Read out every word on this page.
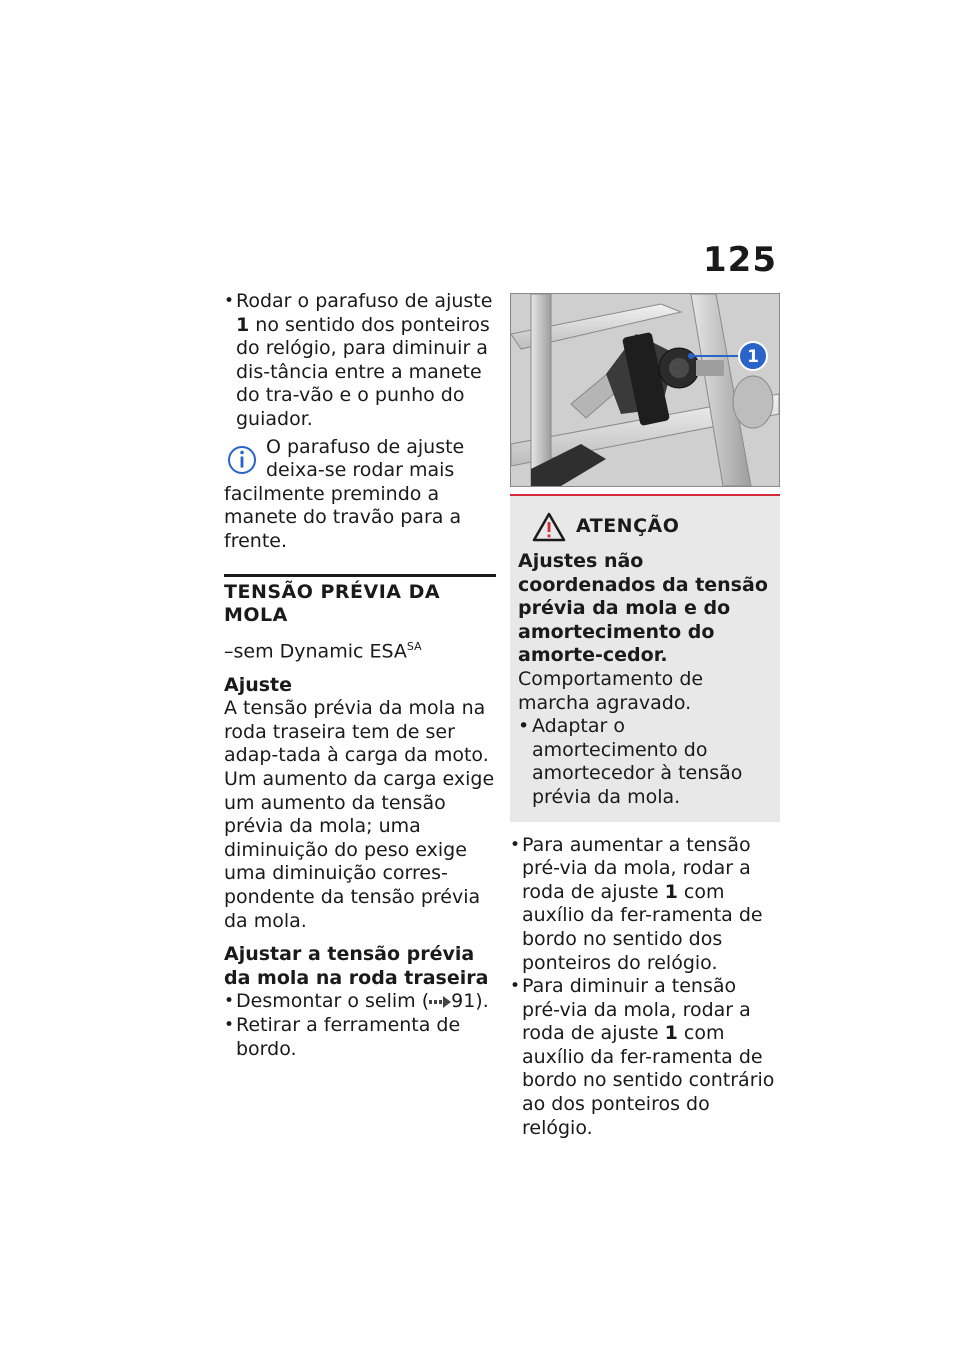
125

• Rodar o parafuso de ajuste 1 no sentido dos ponteiros do relógio, para diminuir a dis-tância entre a manete do tra-vão e o punho do guiador.

O parafuso de ajuste deixa-se rodar mais facilmente premindo a manete do travão para a frente.

TENSÃO PRÉVIA DA MOLA

–sem Dynamic $ESA^{SA}$

Ajuste

A tensão prévia da mola na roda traseira tem de ser adap-tada à carga da moto. Um aumento da carga exige um aumento da tensão prévia da mola; uma diminuição do peso exige uma diminuição corres-pondente da tensão prévia da mola.

Ajustar a tensão prévia da mola na roda traseira

• Desmontar o selim ( 91).

• Retirar a ferramenta de bordo.

1
ATENÇÃO

Ajustes não coordenados da tensão prévia da mola e do amortecimento do amorte-cedor.

Comportamento de marcha agravado.

• Adaptar o amortecimento do amortecedor à tensão prévia da mola.

• Para aumentar a tensão pré-via da mola, rodar a roda de ajuste 1 com auxílio da fer-ramenta de bordo no sentido dos ponteiros do relógio.

• Para diminuir a tensão pré-via da mola, rodar a roda de ajuste 1 com auxílio da fer-ramenta de bordo no sentido contrário ao dos ponteiros do relógio.
